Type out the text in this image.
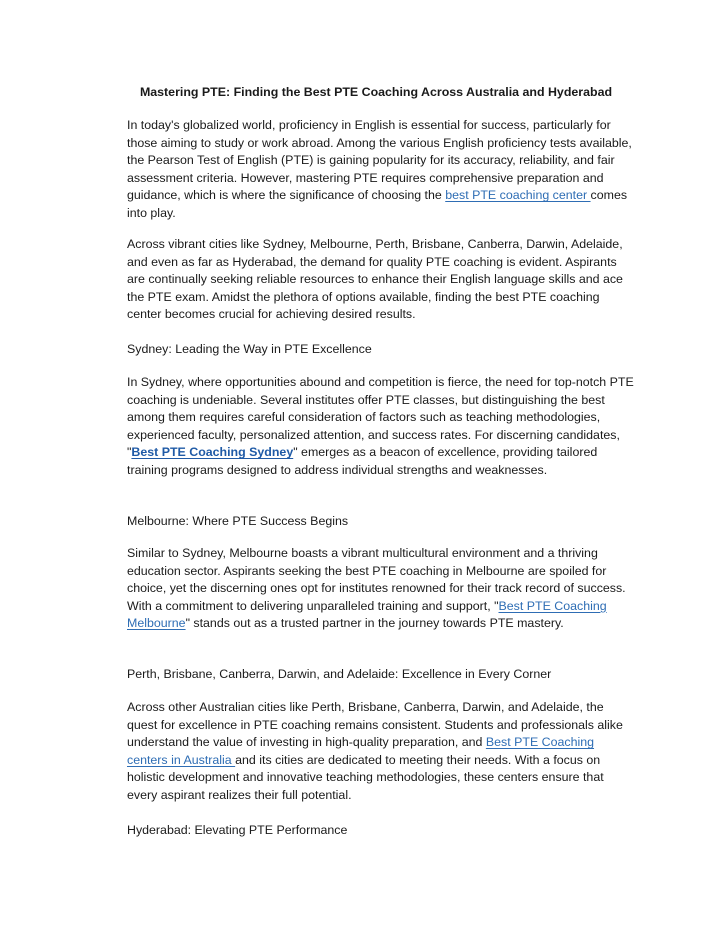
Mastering PTE: Finding the Best PTE Coaching Across Australia and Hyderabad

In today's globalized world, proficiency in English is essential for success, particularly for those aiming to study or work abroad. Among the various English proficiency tests available, the Pearson Test of English (PTE) is gaining popularity for its accuracy, reliability, and fair assessment criteria. However, mastering PTE requires comprehensive preparation and guidance, which is where the significance of choosing the best PTE coaching center comes into play.

Across vibrant cities like Sydney, Melbourne, Perth, Brisbane, Canberra, Darwin, Adelaide, and even as far as Hyderabad, the demand for quality PTE coaching is evident. Aspirants are continually seeking reliable resources to enhance their English language skills and ace the PTE exam. Amidst the plethora of options available, finding the best PTE coaching center becomes crucial for achieving desired results.

Sydney: Leading the Way in PTE Excellence

In Sydney, where opportunities abound and competition is fierce, the need for top-notch PTE coaching is undeniable. Several institutes offer PTE classes, but distinguishing the best among them requires careful consideration of factors such as teaching methodologies, experienced faculty, personalized attention, and success rates. For discerning candidates, "Best PTE Coaching Sydney" emerges as a beacon of excellence, providing tailored training programs designed to address individual strengths and weaknesses.

Melbourne: Where PTE Success Begins

Similar to Sydney, Melbourne boasts a vibrant multicultural environment and a thriving education sector. Aspirants seeking the best PTE coaching in Melbourne are spoiled for choice, yet the discerning ones opt for institutes renowned for their track record of success. With a commitment to delivering unparalleled training and support, "Best PTE Coaching Melbourne" stands out as a trusted partner in the journey towards PTE mastery.

Perth, Brisbane, Canberra, Darwin, and Adelaide: Excellence in Every Corner

Across other Australian cities like Perth, Brisbane, Canberra, Darwin, and Adelaide, the quest for excellence in PTE coaching remains consistent. Students and professionals alike understand the value of investing in high-quality preparation, and Best PTE Coaching centers in Australia and its cities are dedicated to meeting their needs. With a focus on holistic development and innovative teaching methodologies, these centers ensure that every aspirant realizes their full potential.

Hyderabad: Elevating PTE Performance
